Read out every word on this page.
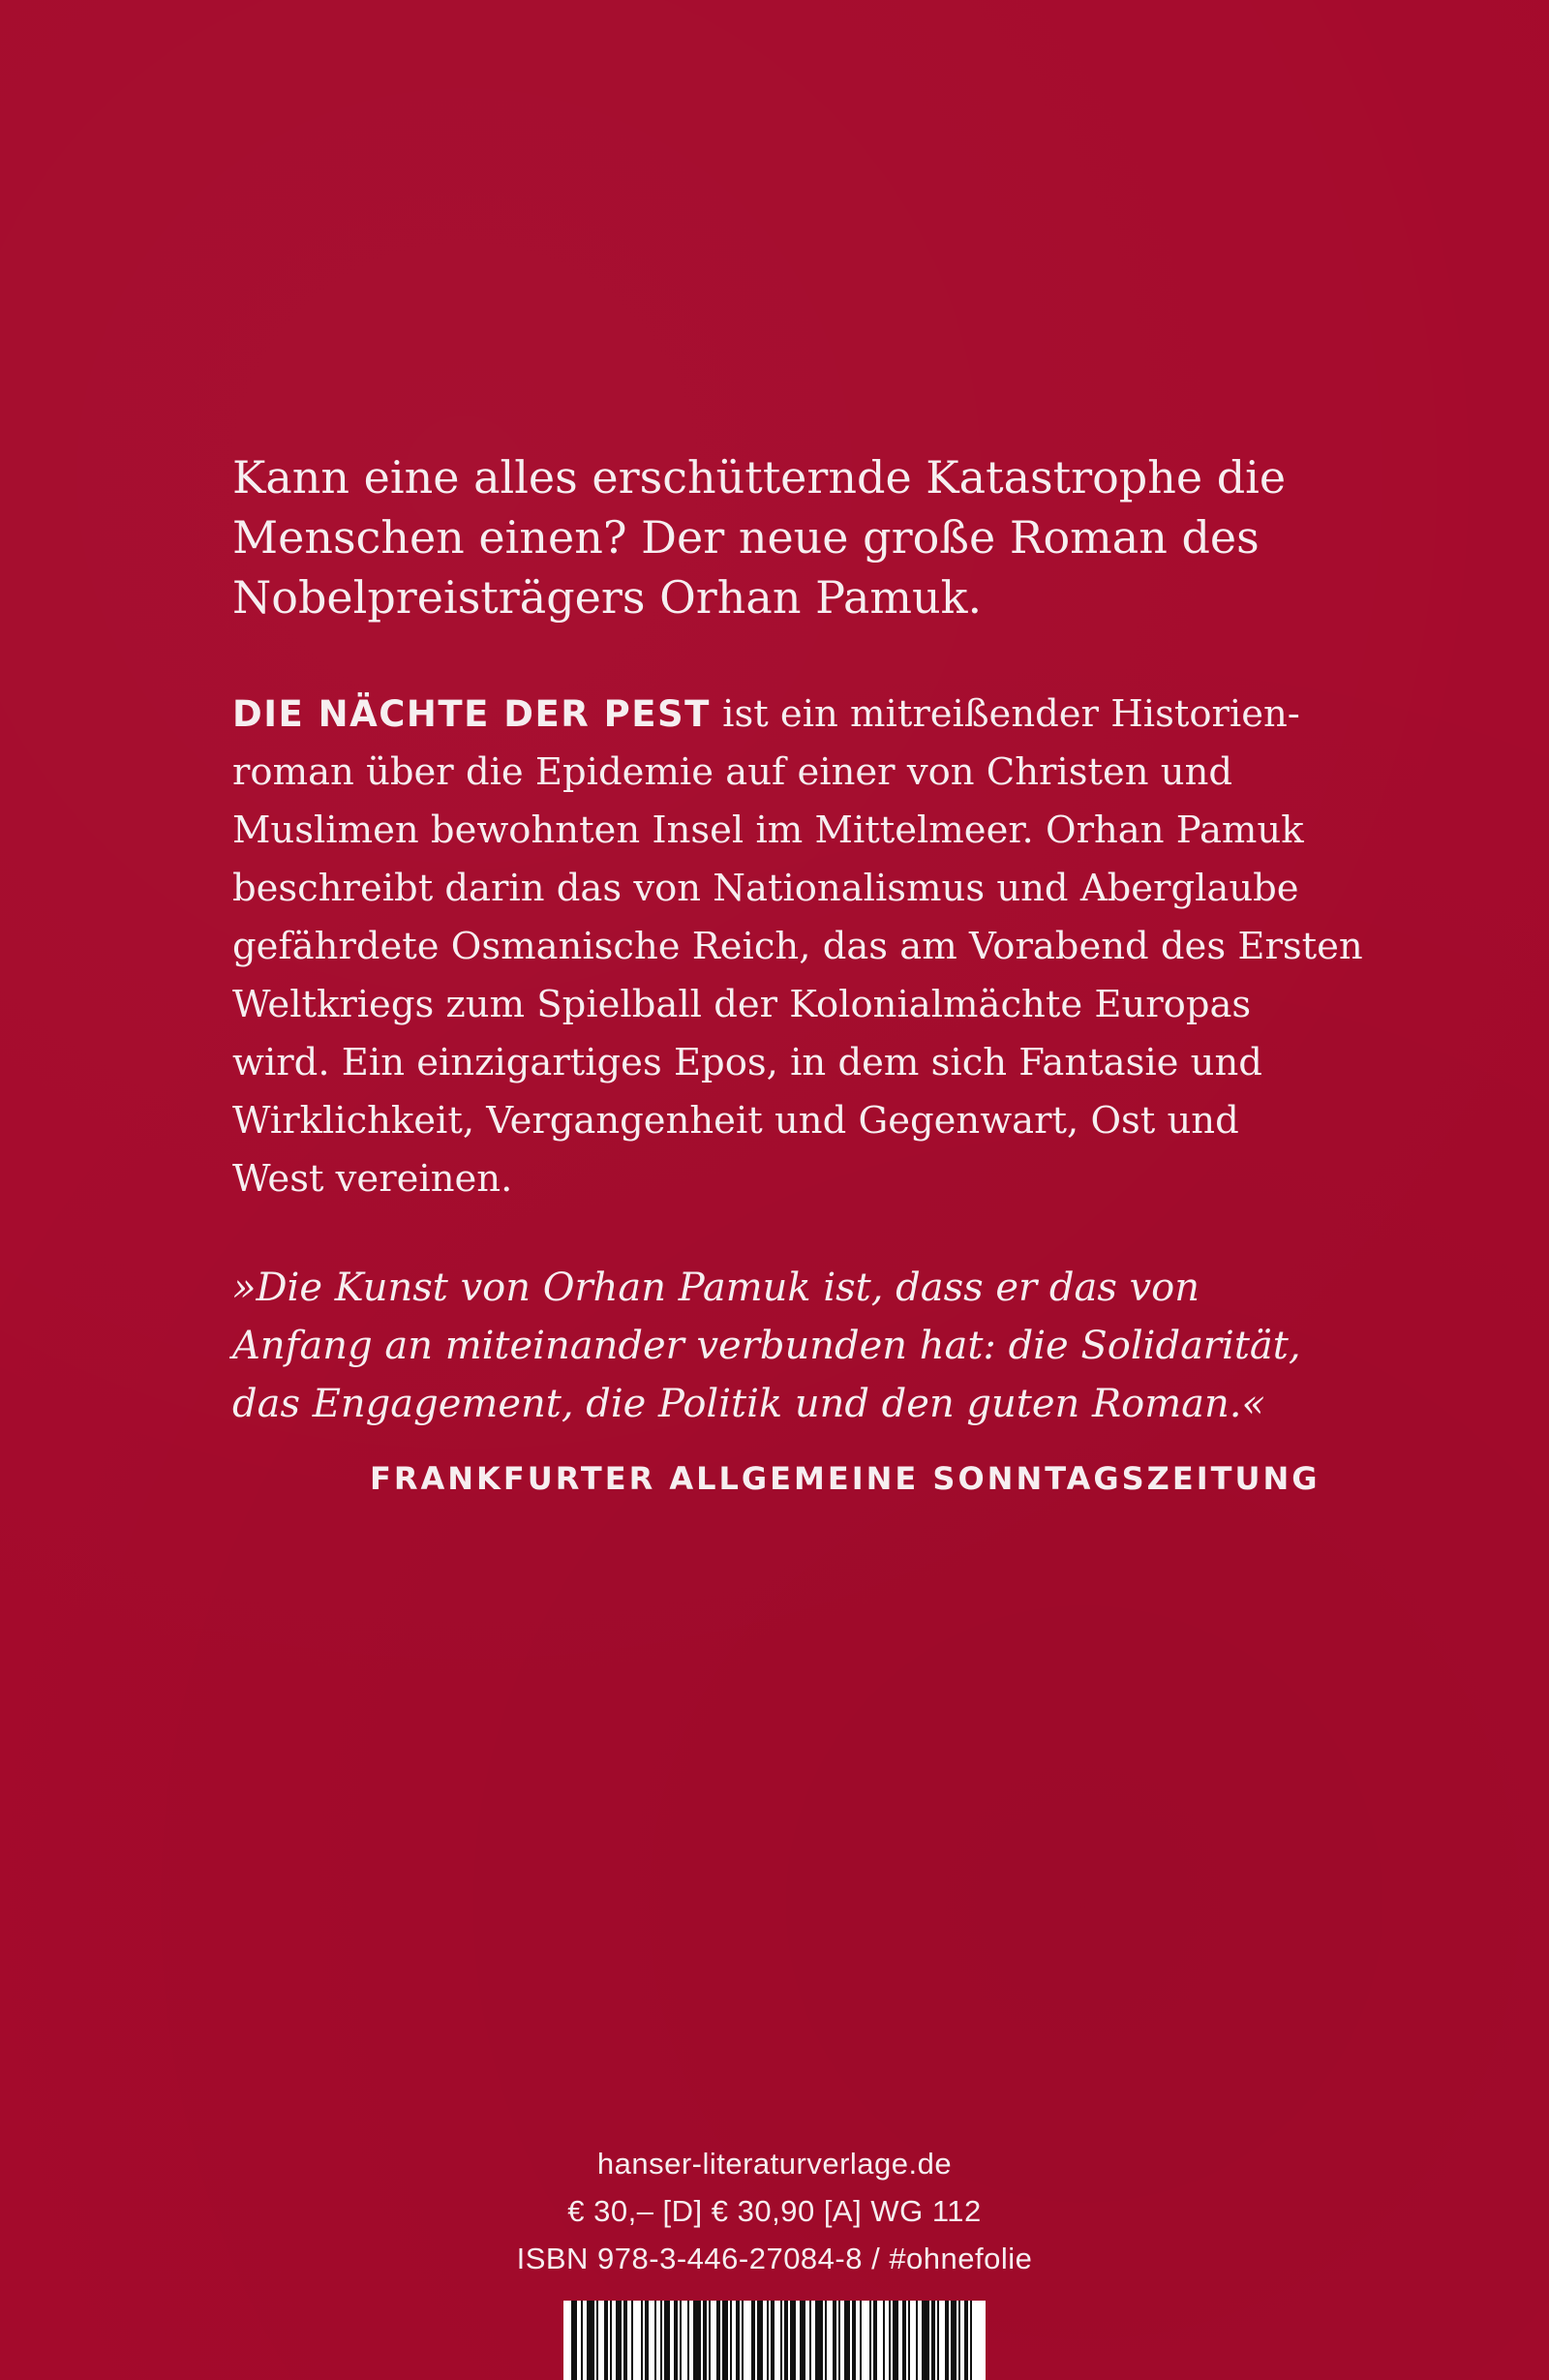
Kann eine alles erschütternde Katastrophe die
Menschen einen? Der neue große Roman des
Nobelpreisträgers Orhan Pamuk.

DIE NÄCHTE DER PEST ist ein mitreißender Historien-
roman über die Epidemie auf einer von Christen und
Muslimen bewohnten Insel im Mittelmeer. Orhan Pamuk
beschreibt darin das von Nationalismus und Aberglaube
gefährdete Osmanische Reich, das am Vorabend des Ersten
Weltkriegs zum Spielball der Kolonialmächte Europas
wird. Ein einzigartiges Epos, in dem sich Fantasie und
Wirklichkeit, Vergangenheit und Gegenwart, Ost und
West vereinen.

»Die Kunst von Orhan Pamuk ist, dass er das von
Anfang an miteinander verbunden hat: die Solidarität,
das Engagement, die Politik und den guten Roman.«

FRANKFURTER ALLGEMEINE SONNTAGSZEITUNG
hanser-literaturverlage.de
€ 30,– [D] € 30,90 [A] WG 112
ISBN 978-3-446-27084-8 / #ohnefolie
